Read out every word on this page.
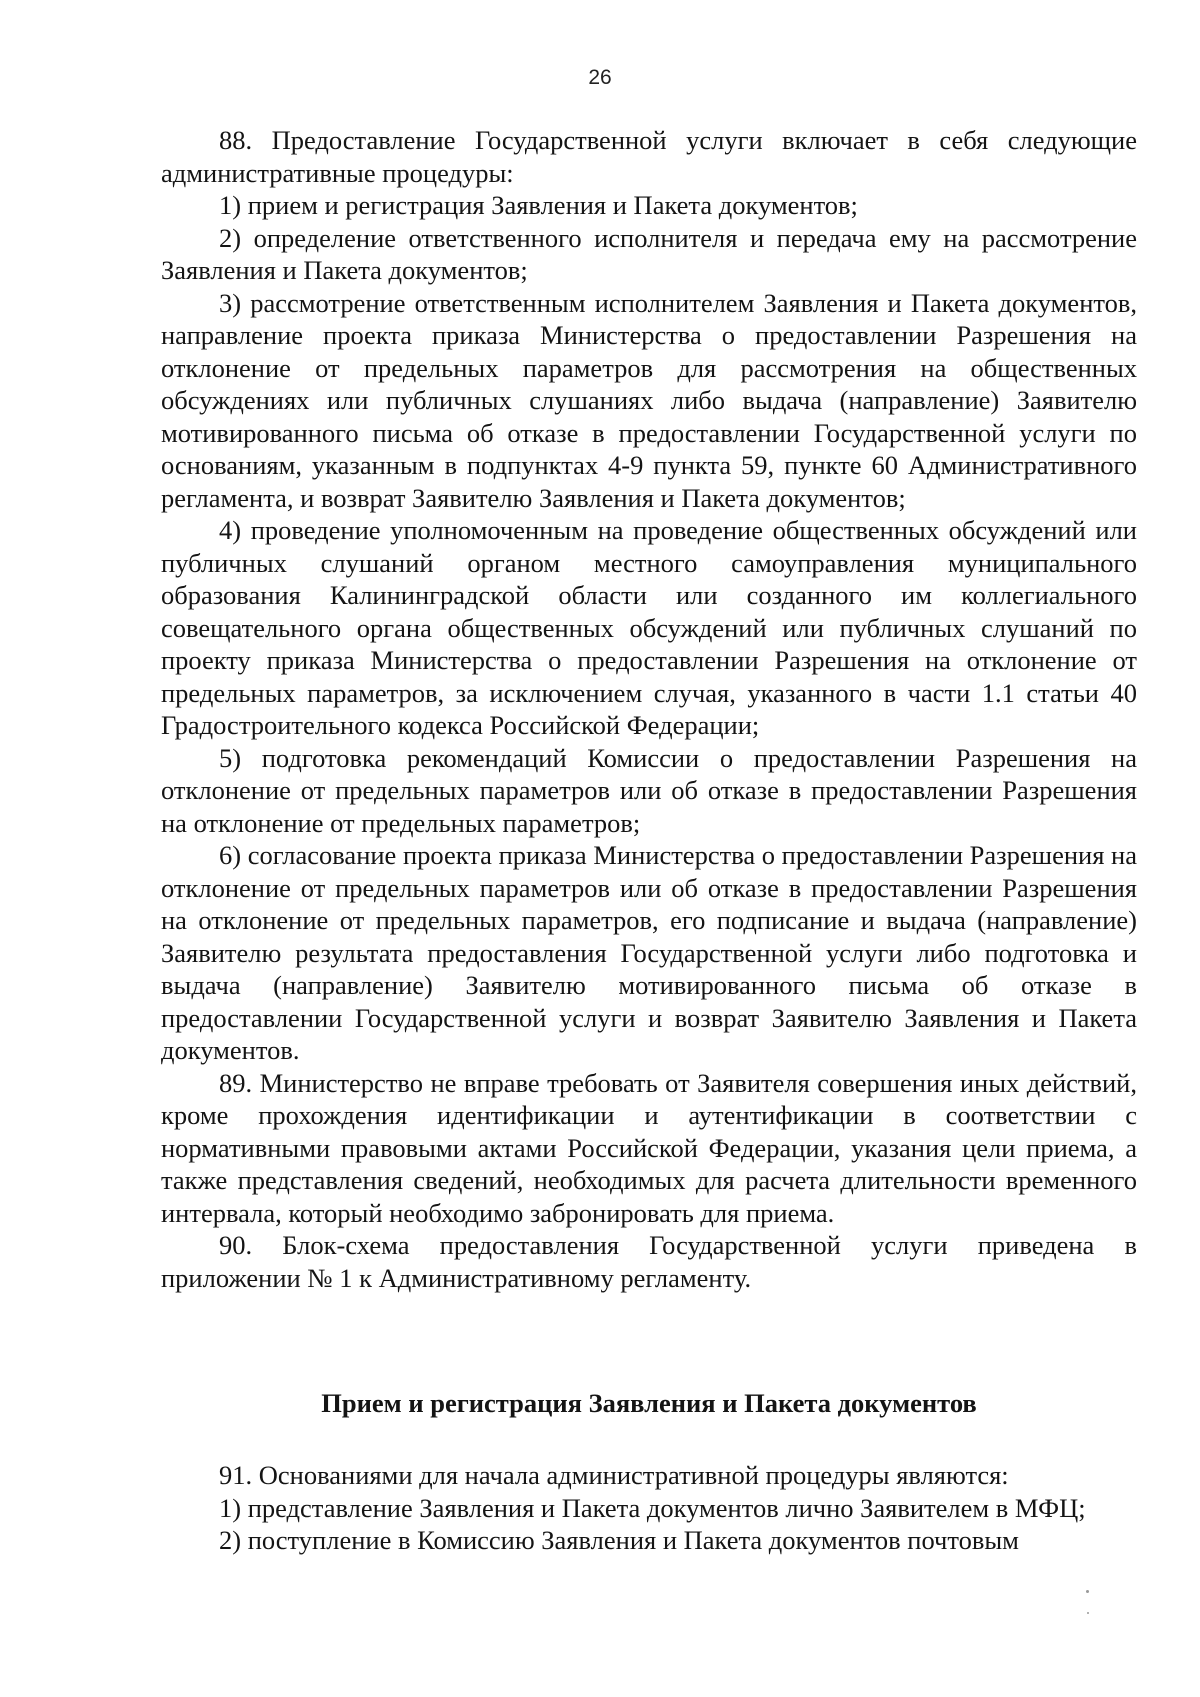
26

88. Предоставление Государственной услуги включает в себя следующие административные процедуры:

1) прием и регистрация Заявления и Пакета документов;

2) определение ответственного исполнителя и передача ему на рассмотрение Заявления и Пакета документов;

3) рассмотрение ответственным исполнителем Заявления и Пакета документов, направление проекта приказа Министерства о предоставлении Разрешения на отклонение от предельных параметров для рассмотрения на общественных обсуждениях или публичных слушаниях либо выдача (направление) Заявителю мотивированного письма об отказе в предоставлении Государственной услуги по основаниям, указанным в подпунктах 4-9 пункта 59, пункте 60 Административного регламента, и возврат Заявителю Заявления и Пакета документов;

4) проведение уполномоченным на проведение общественных обсуждений или публичных слушаний органом местного самоуправления муниципального образования Калининградской области или созданного им коллегиального совещательного органа общественных обсуждений или публичных слушаний по проекту приказа Министерства о предоставлении Разрешения на отклонение от предельных параметров, за исключением случая, указанного в части 1.1 статьи 40 Градостроительного кодекса Российской Федерации;

5) подготовка рекомендаций Комиссии о предоставлении Разрешения на отклонение от предельных параметров или об отказе в предоставлении Разрешения на отклонение от предельных параметров;

6) согласование проекта приказа Министерства о предоставлении Разрешения на отклонение от предельных параметров или об отказе в предоставлении Разрешения на отклонение от предельных параметров, его подписание и выдача (направление) Заявителю результата предоставления Государственной услуги либо подготовка и выдача (направление) Заявителю мотивированного письма об отказе в предоставлении Государственной услуги и возврат Заявителю Заявления и Пакета документов.

89. Министерство не вправе требовать от Заявителя совершения иных действий, кроме прохождения идентификации и аутентификации в соответствии с нормативными правовыми актами Российской Федерации, указания цели приема, а также представления сведений, необходимых для расчета длительности временного интервала, который необходимо забронировать для приема.

90. Блок-схема предоставления Государственной услуги приведена в приложении № 1 к Административному регламенту.

Прием и регистрация Заявления и Пакета документов

91. Основаниями для начала административной процедуры являются:

1) представление Заявления и Пакета документов лично Заявителем в МФЦ;

2) поступление в Комиссию Заявления и Пакета документов почтовым
